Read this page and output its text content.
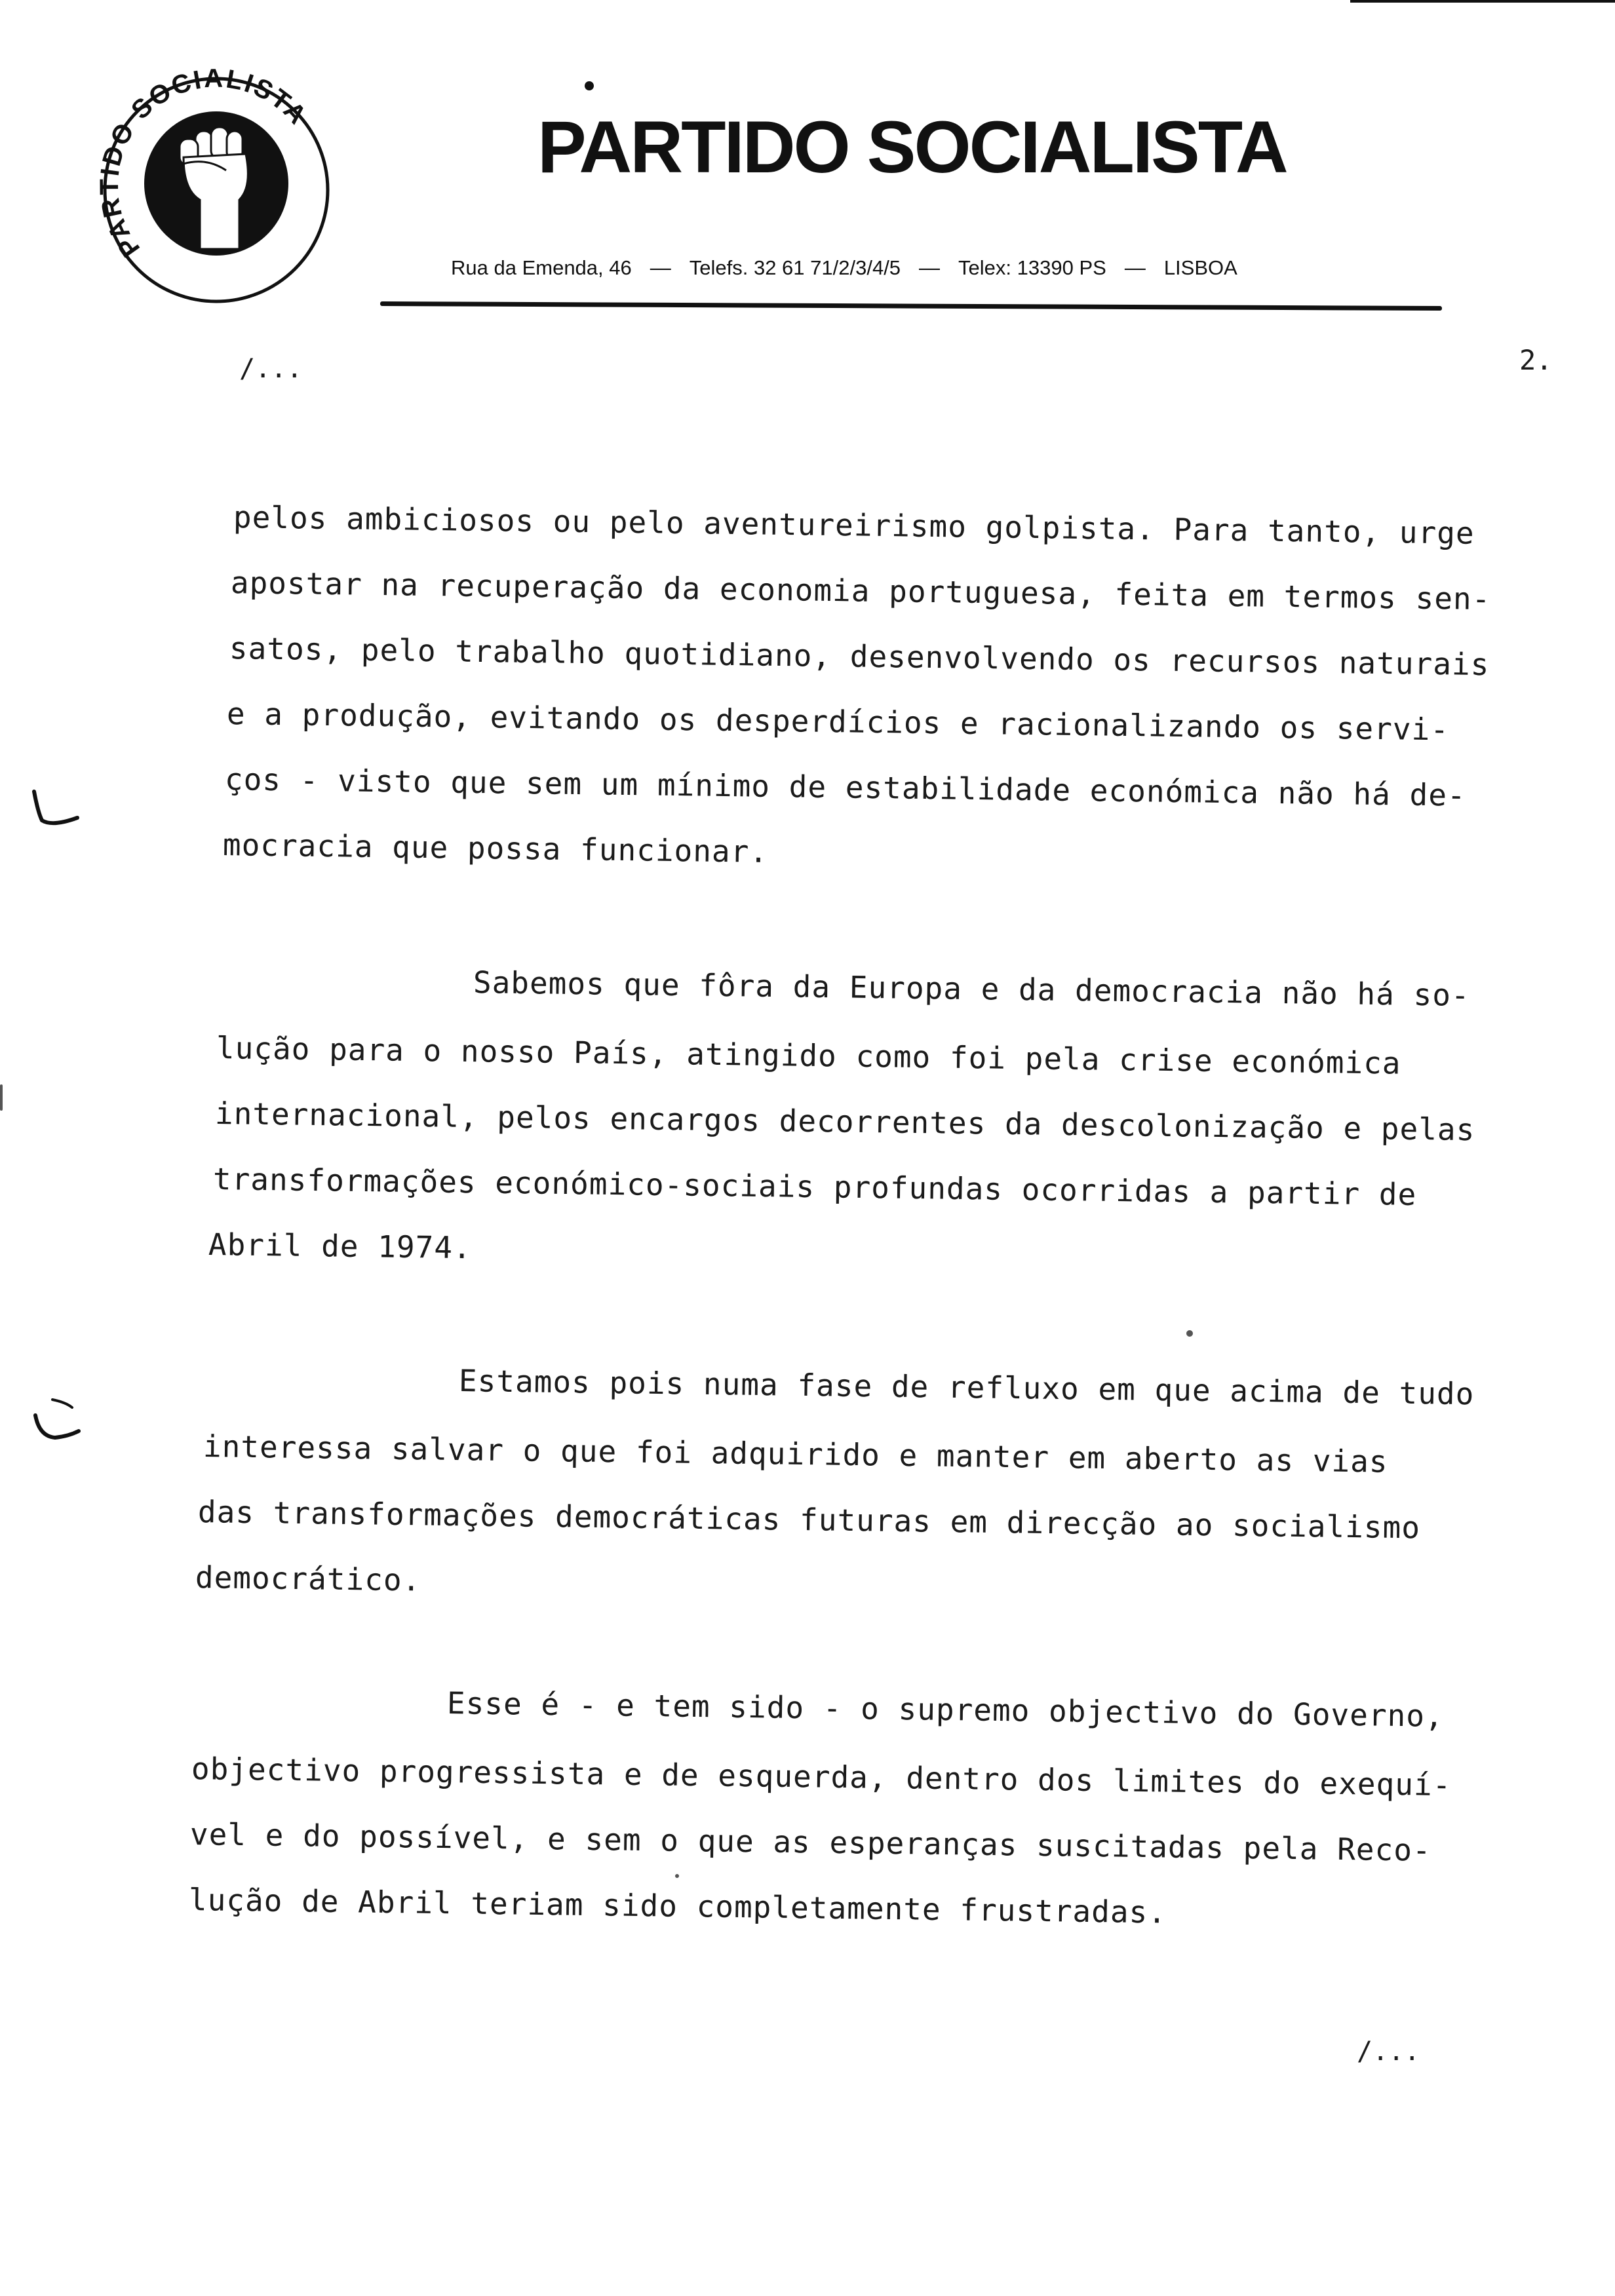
PARTIDO SOCIALISTA	PARTIDO SOCIALISTA
Rua da Emenda, 46 — Telefs. 32 61 71/2/3/4/5 — Telex: 13390 PS — LISBOA
/...	2.
pelos ambiciosos ou pelo aventureirismo golpista. Para tanto, urge
apostar na recuperação da economia portuguesa, feita em termos sen-
satos, pelo trabalho quotidiano, desenvolvendo os recursos naturais
e a produção, evitando os desperdícios e racionalizando os servi-
ços - visto que sem um mínimo de estabilidade económica não há de-
mocracia que possa funcionar.
Sabemos que fôra da Europa e da democracia não há so-
lução para o nosso País, atingido como foi pela crise económica
internacional, pelos encargos decorrentes da descolonização e pelas
transformações económico-sociais profundas ocorridas a partir de
Abril de 1974.
Estamos pois numa fase de refluxo em que acima de tudo
interessa salvar o que foi adquirido e manter em aberto as vias
das transformações democráticas futuras em direcção ao socialismo
democrático.
Esse é - e tem sido - o supremo objectivo do Governo,
objectivo progressista e de esquerda, dentro dos limites do exequí-
vel e do possível, e sem o que as esperanças suscitadas pela Reco-
lução de Abril teriam sido completamente frustradas.
/...
